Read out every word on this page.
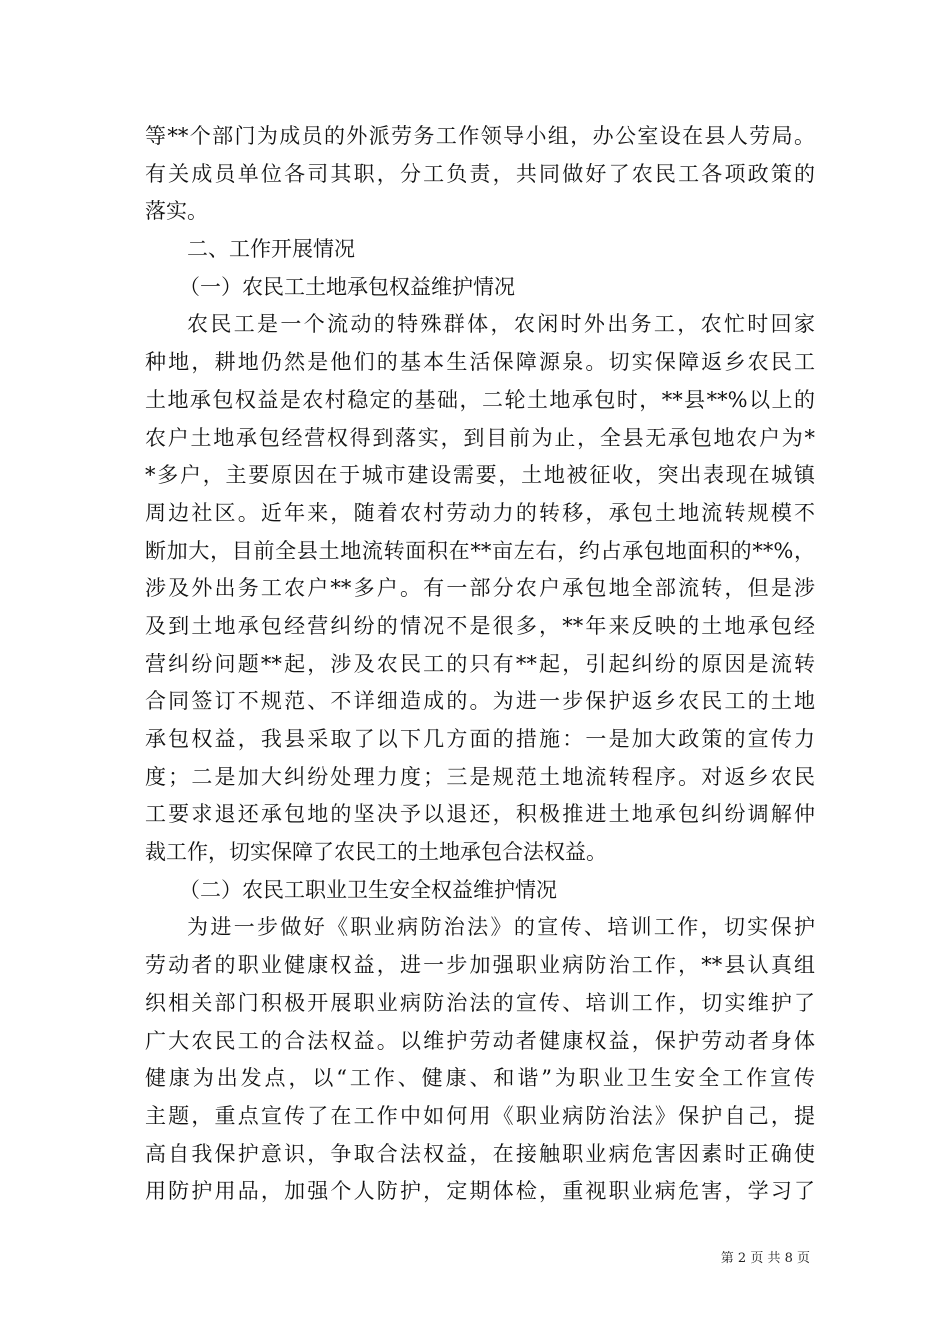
等**个部门为成员的外派劳务工作领导小组，办公室设在县人劳局。
有关成员单位各司其职，分工负责，共同做好了农民工各项政策的
落实。
二、工作开展情况
（一）农民工土地承包权益维护情况
农民工是一个流动的特殊群体，农闲时外出务工，农忙时回家
种地，耕地仍然是他们的基本生活保障源泉。切实保障返乡农民工
土地承包权益是农村稳定的基础，二轮土地承包时，**县**%以上的
农户土地承包经营权得到落实，到目前为止，全县无承包地农户为*
*多户，主要原因在于城市建设需要，土地被征收，突出表现在城镇
周边社区。近年来，随着农村劳动力的转移，承包土地流转规模不
断加大，目前全县土地流转面积在**亩左右，约占承包地面积的**%，
涉及外出务工农户**多户。有一部分农户承包地全部流转，但是涉
及到土地承包经营纠纷的情况不是很多，**年来反映的土地承包经
营纠纷问题**起，涉及农民工的只有**起，引起纠纷的原因是流转
合同签订不规范、不详细造成的。为进一步保护返乡农民工的土地
承包权益，我县采取了以下几方面的措施：一是加大政策的宣传力
度；二是加大纠纷处理力度；三是规范土地流转程序。对返乡农民
工要求退还承包地的坚决予以退还，积极推进土地承包纠纷调解仲
裁工作，切实保障了农民工的土地承包合法权益。
（二）农民工职业卫生安全权益维护情况
为进一步做好《职业病防治法》的宣传、培训工作，切实保护
劳动者的职业健康权益，进一步加强职业病防治工作，**县认真组
织相关部门积极开展职业病防治法的宣传、培训工作，切实维护了
广大农民工的合法权益。以维护劳动者健康权益，保护劳动者身体
健康为出发点，以“工作、健康、和谐”为职业卫生安全工作宣传
主题，重点宣传了在工作中如何用《职业病防治法》保护自己，提
高自我保护意识，争取合法权益，在接触职业病危害因素时正确使
用防护用品，加强个人防护，定期体检，重视职业病危害，学习了
第 2 页 共 8 页
